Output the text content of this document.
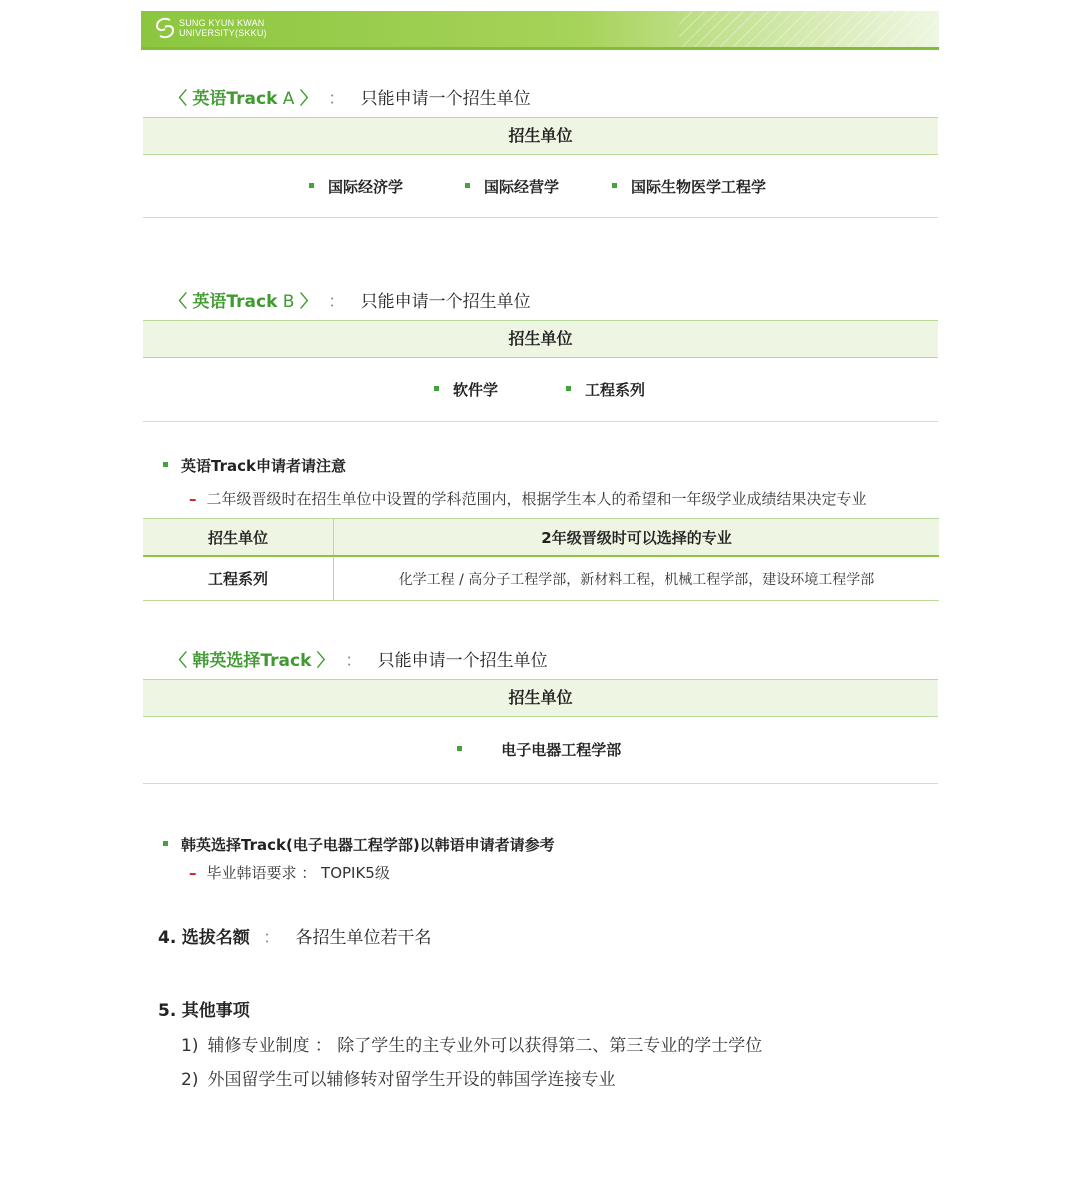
SUNG KYUN KWAN
UNIVERSITY(SKKU)
〈 英语Track A 〉 ： 只能申请一个招生单位
招生单位
国际经济学	国际经营学	国际生物医学工程学
〈 英语Track B 〉 ： 只能申请一个招生单位
招生单位
软件学	工程系列
英语Track申请者请注意
– 二年级晋级时在招生单位中设置的学科范围内，根据学生本人的希望和一年级学业成绩结果决定专业
招生单位	2年级晋级时可以选择的专业
工程系列	化学工程 / 高分子工程学部，新材料工程，机械工程学部，建设环境工程学部
〈 韩英选择Track 〉 ： 只能申请一个招生单位
招生单位
电子电器工程学部
韩英选择Track(电子电器工程学部)以韩语申请者请参考
– 毕业韩语要求 ： TOPIK5级
4. 选拔名额 ： 各招生单位若干名
5. 其他事项
1) 辅修专业制度 ： 除了学生的主专业外可以获得第二、第三专业的学士学位
2) 外国留学生可以辅修转对留学生开设的韩国学连接专业
